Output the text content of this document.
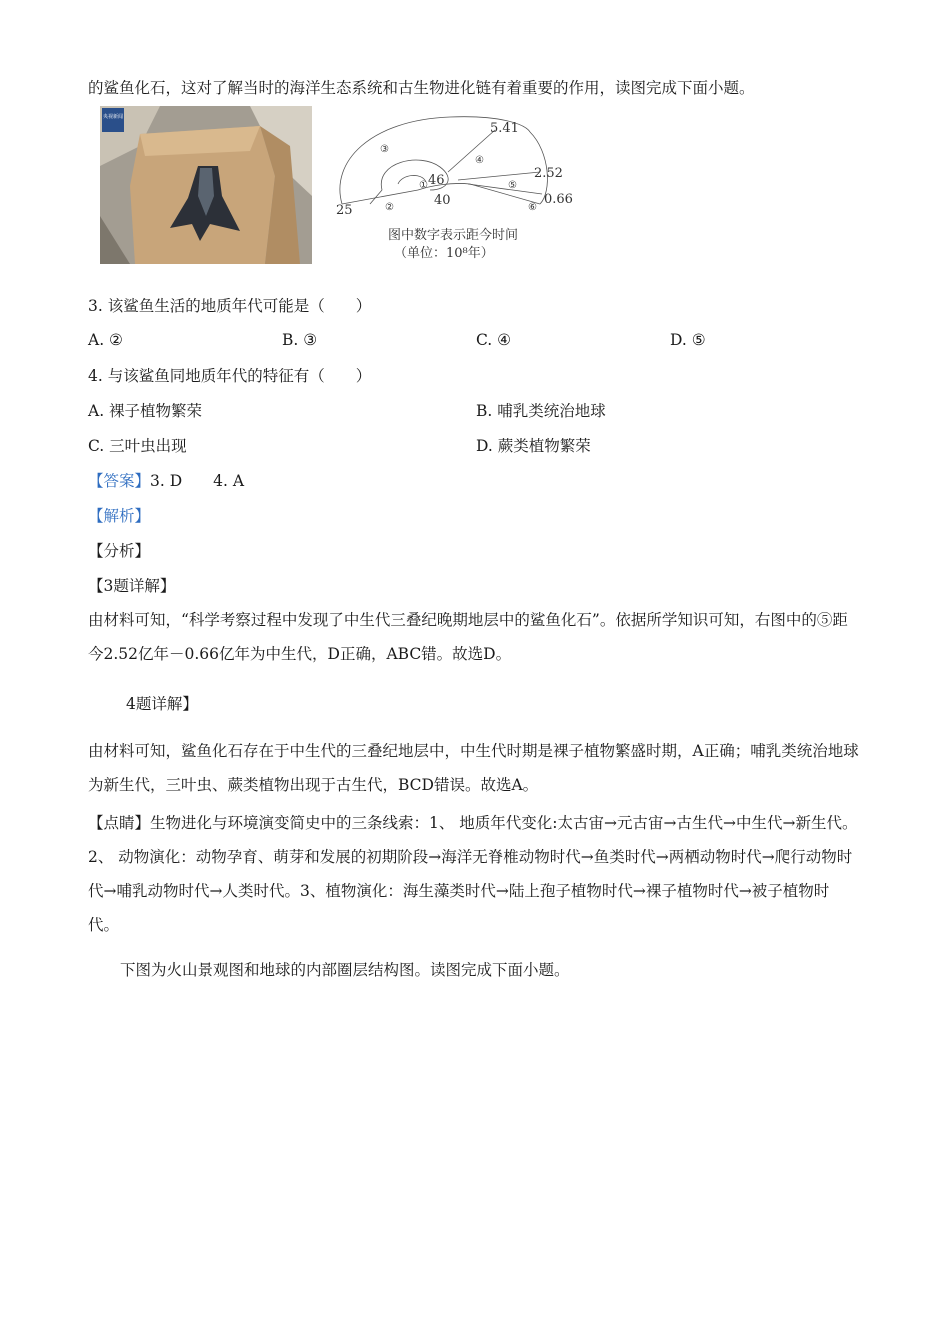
的鲨鱼化石，这对了解当时的海洋生态系统和古生物进化链有着重要的作用，读图完成下面小题。
央视新闻
③
④
⑤
⑥
①
②
5.41
2.52
0.66
46
40
25
图中数字表示距今时间
（单位：10⁸年）
3. 该鲨鱼生活的地质年代可能是（　　）
A. ②	B. ③	C. ④	D. ⑤
4. 与该鲨鱼同地质年代的特征有（　　）
A. 裸子植物繁荣	B. 哺乳类统治地球
C. 三叶虫出现	D. 蕨类植物繁荣
【答案】3. D　　4. A
【解析】
【分析】
【3题详解】
由材料可知，“科学考察过程中发现了中生代三叠纪晚期地层中的鲨鱼化石”。依据所学知识可知，右图中的⑤距今2.52亿年－0.66亿年为中生代，D正确，ABC错。故选D。
4题详解】
由材料可知，鲨鱼化石存在于中生代的三叠纪地层中，中生代时期是裸子植物繁盛时期，A正确；哺乳类统治地球为新生代，三叶虫、蕨类植物出现于古生代，BCD错误。故选A。
【点睛】生物进化与环境演变简史中的三条线索：1、 地质年代变化:太古宙→元古宙→古生代→中生代→新生代。2、 动物演化：动物孕育、萌芽和发展的初期阶段→海洋无脊椎动物时代→鱼类时代→两栖动物时代→爬行动物时代→哺乳动物时代→人类时代。3、植物演化：海生藻类时代→陆上孢子植物时代→裸子植物时代→被子植物时代。
下图为火山景观图和地球的内部圈层结构图。读图完成下面小题。
